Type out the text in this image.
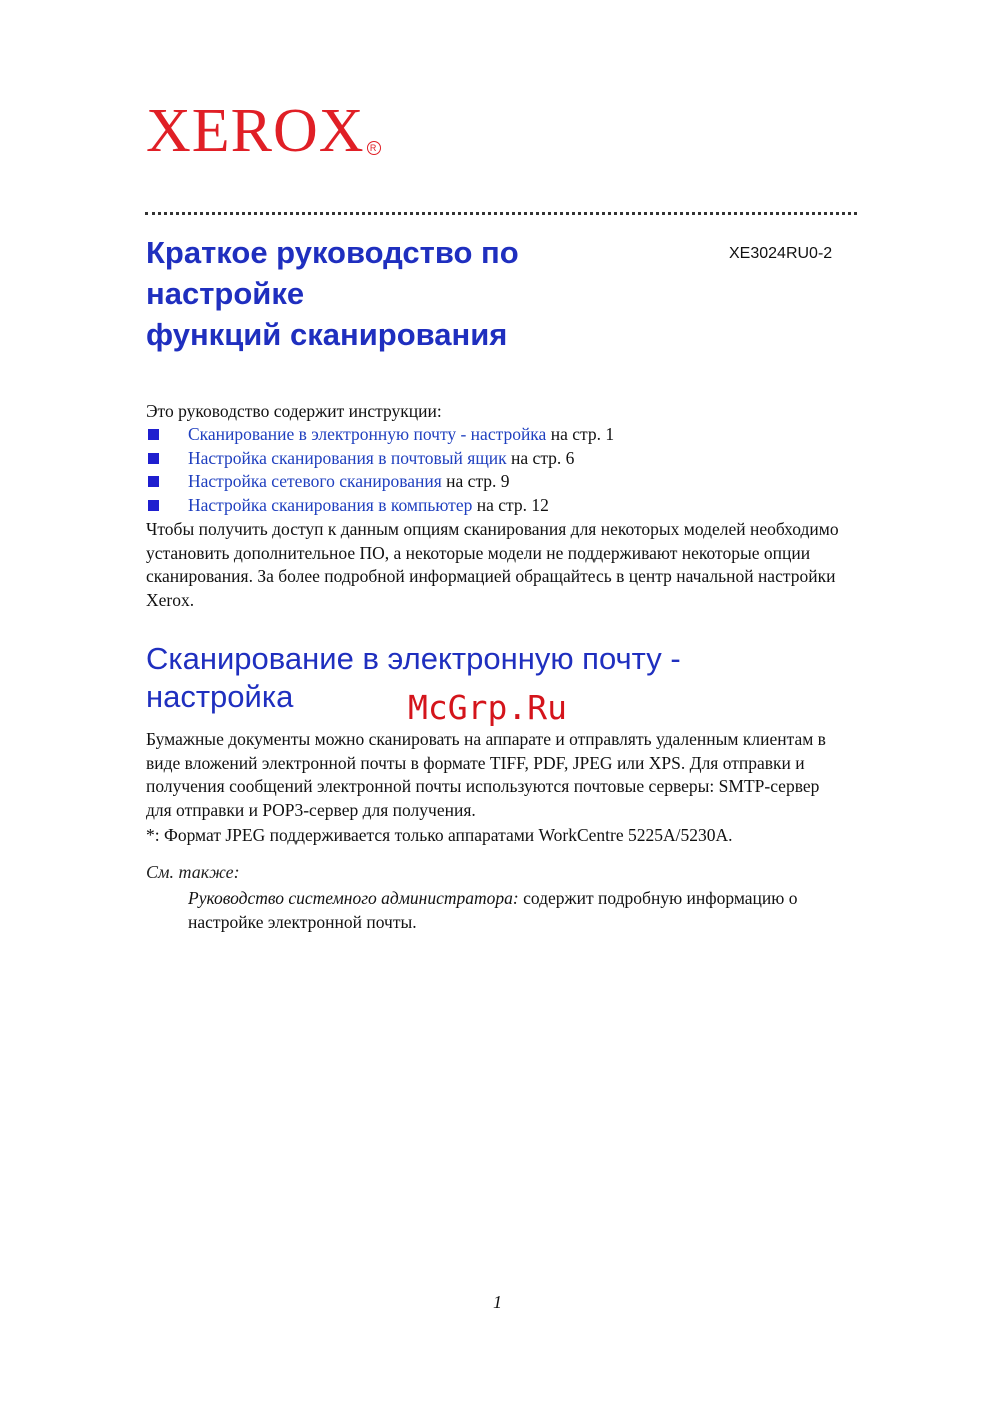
XEROX R
Краткое руководство по
настройке
функций сканирования
XE3024RU0-2
Это руководство содержит инструкции:
Сканирование в электронную почту - настройка на стр. 1
Настройка сканирования в почтовый ящик на стр. 6
Настройка сетевого сканирования на стр. 9
Настройка сканирования в компьютер на стр. 12
Чтобы получить доступ к данным опциям сканирования для некоторых моделей необходимо установить дополнительное ПО, а некоторые модели не поддерживают некоторые опции сканирования. За более подробной информацией обращайтесь в центр начальной настройки Xerox.
Сканирование в электронную почту -
настройка	McGrp.Ru
Бумажные документы можно сканировать на аппарате и отправлять удаленным клиентам в виде вложений электронной почты в формате TIFF, PDF, JPEG или XPS. Для отправки и получения сообщений электронной почты используются почтовые серверы: SMTP-сервер для отправки и POP3-сервер для получения.
*: Формат JPEG поддерживается только аппаратами WorkCentre 5225A/5230A.
См. также:
Руководство системного администратора: содержит подробную информацию о настройке электронной почты.
1
